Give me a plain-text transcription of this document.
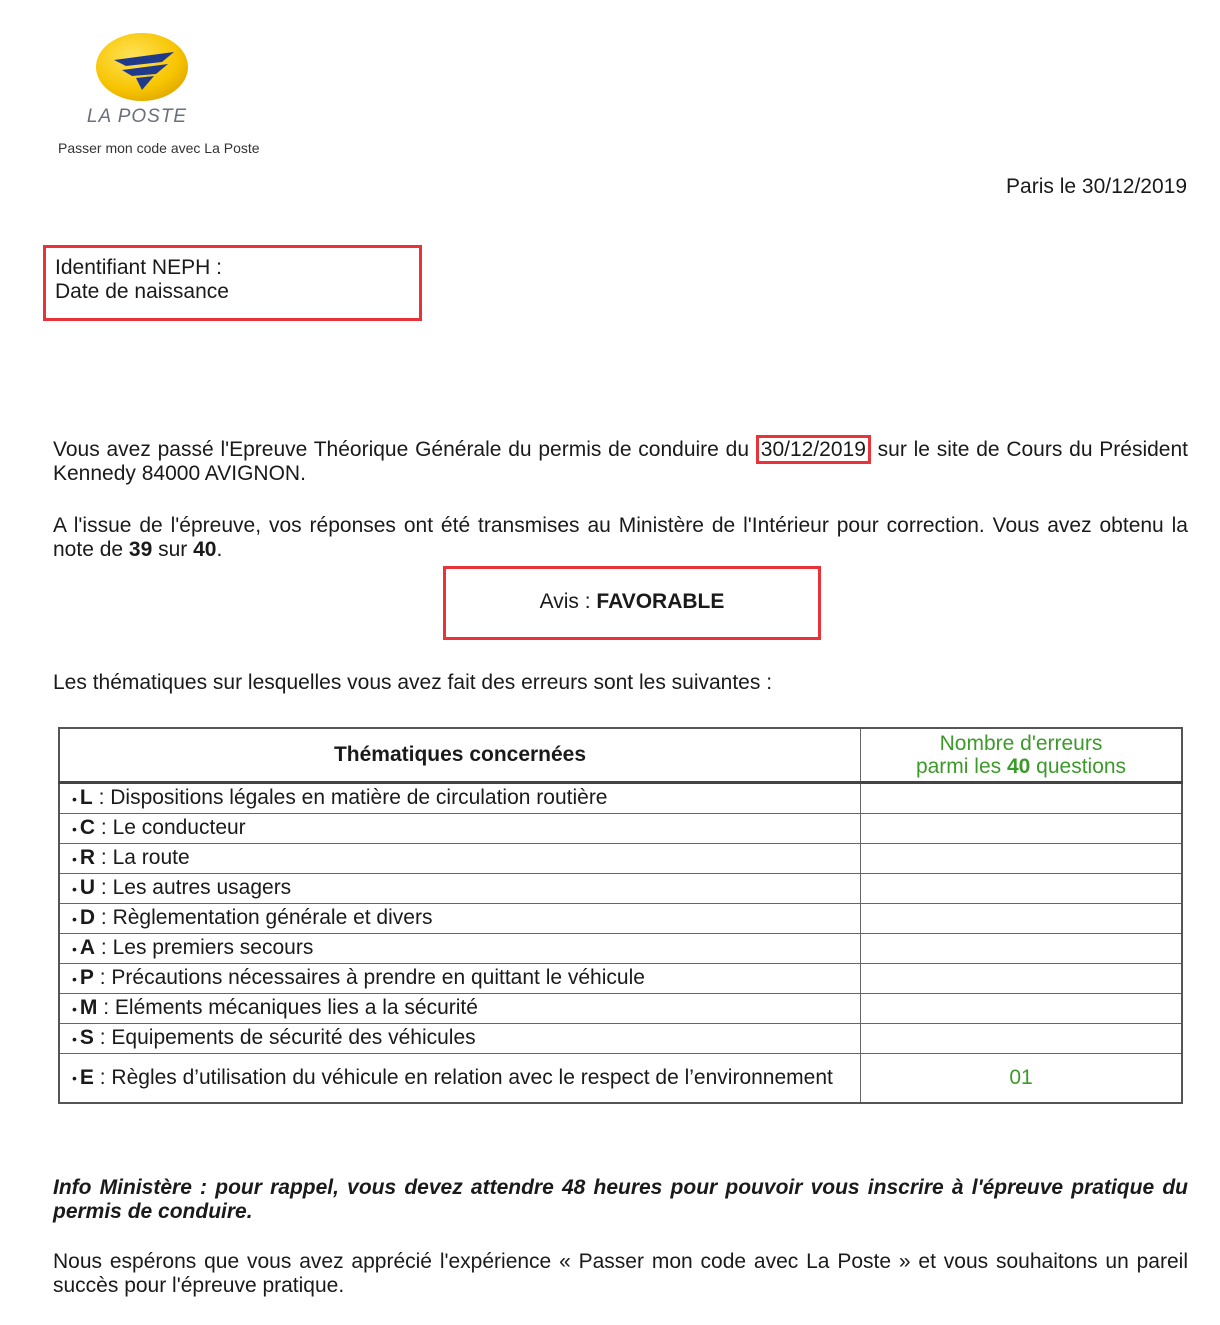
LA POSTE
Passer mon code avec La Poste
Paris le 30/12/2019
Identifiant NEPH :
Date de naissance
Vous avez passé l'Epreuve Théorique Générale du permis de conduire du 30/12/2019 sur le site de Cours du Président Kennedy 84000 AVIGNON.
A l'issue de l'épreuve, vos réponses ont été transmises au Ministère de l'Intérieur pour correction. Vous avez obtenu la note de 39 sur 40.
Avis : FAVORABLE
Les thématiques sur lesquelles vous avez fait des erreurs sont les suivantes :
Thématiques concernées	Nombre d'erreurs
parmi les 40 questions

• L : Dispositions légales en matière de circulation routière	
• C : Le conducteur	
• R : La route	
• U : Les autres usagers	
• D : Règlementation générale et divers	
• A : Les premiers secours	
• P : Précautions nécessaires à prendre en quittant le véhicule	
• M : Eléments mécaniques lies a la sécurité	
• S : Equipements de sécurité des véhicules	
• E : Règles d’utilisation du véhicule en relation avec le respect de l’environnement	01
Info Ministère : pour rappel, vous devez attendre 48 heures pour pouvoir vous inscrire à l'épreuve pratique du permis de conduire.
Nous espérons que vous avez apprécié l'expérience « Passer mon code avec La Poste » et vous souhaitons un pareil succès pour l'épreuve pratique.
